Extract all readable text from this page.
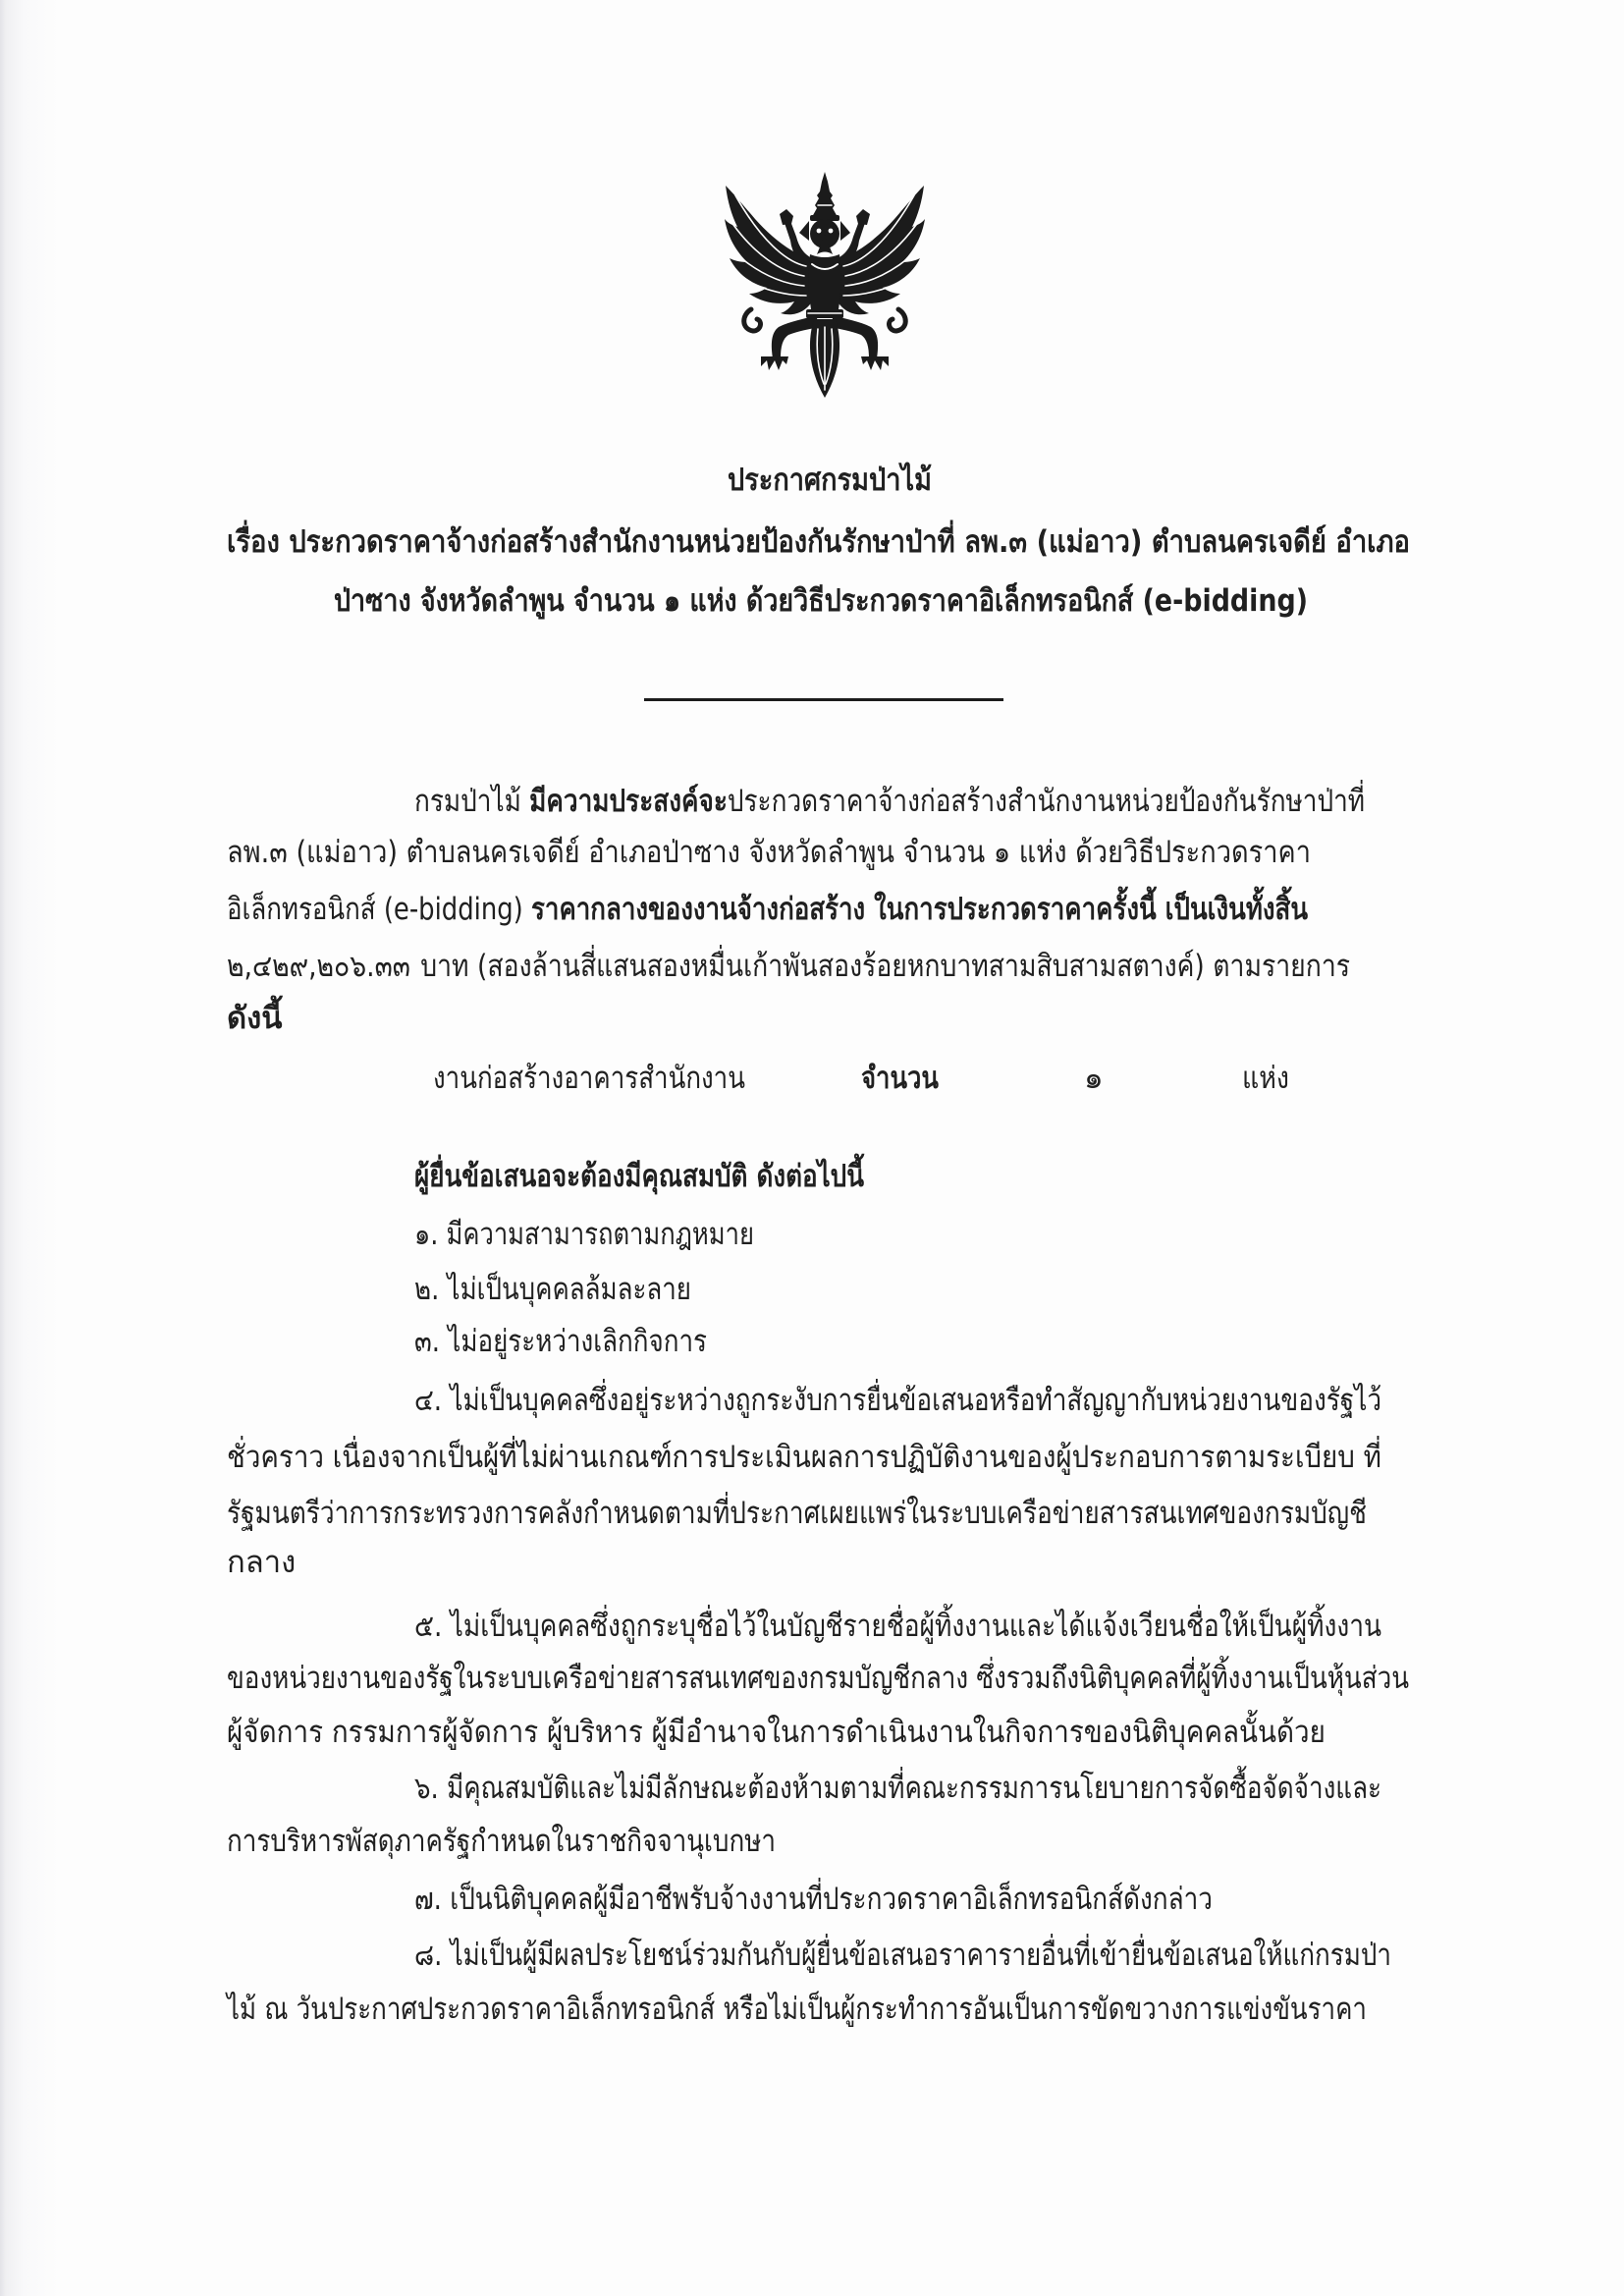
ประกาศกรมป่าไม้
เรื่อง ประกวดราคาจ้างก่อสร้างสำนักงานหน่วยป้องกันรักษาป่าที่ ลพ.๓ (แม่อาว) ตำบลนครเจดีย์ อำเภอ
ป่าซาง จังหวัดลำพูน จำนวน ๑ แห่ง ด้วยวิธีประกวดราคาอิเล็กทรอนิกส์ (e-bidding)
กรมป่าไม้ มีความประสงค์จะประกวดราคาจ้างก่อสร้างสำนักงานหน่วยป้องกันรักษาป่าที่
ลพ.๓ (แม่อาว) ตำบลนครเจดีย์ อำเภอป่าซาง จังหวัดลำพูน จำนวน ๑ แห่ง ด้วยวิธีประกวดราคา
อิเล็กทรอนิกส์ (e-bidding) ราคากลางของงานจ้างก่อสร้าง ในการประกวดราคาครั้งนี้ เป็นเงินทั้งสิ้น
๒,๔๒๙,๒๐๖.๓๓ บาท (สองล้านสี่แสนสองหมื่นเก้าพันสองร้อยหกบาทสามสิบสามสตางค์) ตามรายการ
ดังนี้
งานก่อสร้างอาคารสำนักงาน	จำนวน	๑	แห่ง
ผู้ยื่นข้อเสนอจะต้องมีคุณสมบัติ ดังต่อไปนี้
๑. มีความสามารถตามกฎหมาย
๒. ไม่เป็นบุคคลล้มละลาย
๓. ไม่อยู่ระหว่างเลิกกิจการ
๔. ไม่เป็นบุคคลซึ่งอยู่ระหว่างถูกระงับการยื่นข้อเสนอหรือทำสัญญากับหน่วยงานของรัฐไว้
ชั่วคราว เนื่องจากเป็นผู้ที่ไม่ผ่านเกณฑ์การประเมินผลการปฏิบัติงานของผู้ประกอบการตามระเบียบ ที่
รัฐมนตรีว่าการกระทรวงการคลังกำหนดตามที่ประกาศเผยแพร่ในระบบเครือข่ายสารสนเทศของกรมบัญชี
กลาง
๕. ไม่เป็นบุคคลซึ่งถูกระบุชื่อไว้ในบัญชีรายชื่อผู้ทิ้งงานและได้แจ้งเวียนชื่อให้เป็นผู้ทิ้งงาน
ของหน่วยงานของรัฐในระบบเครือข่ายสารสนเทศของกรมบัญชีกลาง ซึ่งรวมถึงนิติบุคคลที่ผู้ทิ้งงานเป็นหุ้นส่วน
ผู้จัดการ กรรมการผู้จัดการ ผู้บริหาร ผู้มีอำนาจในการดำเนินงานในกิจการของนิติบุคคลนั้นด้วย
๖. มีคุณสมบัติและไม่มีลักษณะต้องห้ามตามที่คณะกรรมการนโยบายการจัดซื้อจัดจ้างและ
การบริหารพัสดุภาครัฐกำหนดในราชกิจจานุเบกษา
๗. เป็นนิติบุคคลผู้มีอาชีพรับจ้างงานที่ประกวดราคาอิเล็กทรอนิกส์ดังกล่าว
๘. ไม่เป็นผู้มีผลประโยชน์ร่วมกันกับผู้ยื่นข้อเสนอราคารายอื่นที่เข้ายื่นข้อเสนอให้แก่กรมป่า
ไม้ ณ วันประกาศประกวดราคาอิเล็กทรอนิกส์ หรือไม่เป็นผู้กระทำการอันเป็นการขัดขวางการแข่งขันราคา
